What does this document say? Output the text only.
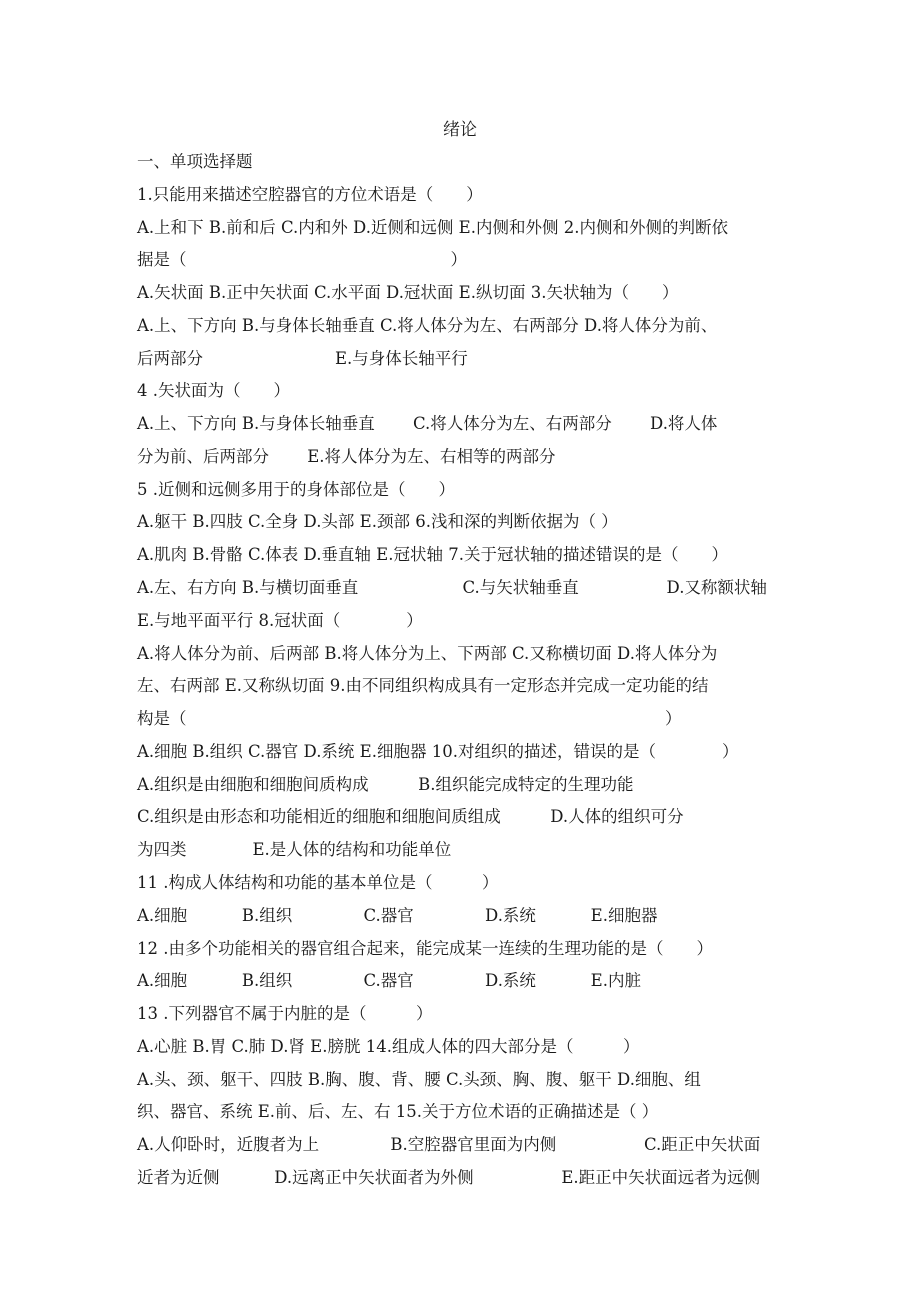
绪论
一、单项选择题
1.只能用来描述空腔器官的方位术语是（　　）
A.上和下 B.前和后 C.内和外 D.近侧和远侧 E.内侧和外侧 2.内侧和外侧的判断依
据是（　　　　　　　　　　　　　　　　）
A.矢状面 B.正中矢状面 C.水平面 D.冠状面 E.纵切面 3.矢状轴为（　　）
A.上、下方向 B.与身体长轴垂直 C.将人体分为左、右两部分 D.将人体分为前、
后两部分　　　　　　　　E.与身体长轴平行
4 .矢状面为（　　）
A.上、下方向 B.与身体长轴垂直　　 C.将人体分为左、右两部分　　 D.将人体
分为前、后两部分　　 E.将人体分为左、右相等的两部分
5 .近侧和远侧多用于的身体部位是（　　）
A.躯干 B.四肢 C.全身 D.头部 E.颈部 6.浅和深的判断依据为（ ）
A.肌肉 B.骨骼 C.体表 D.垂直轴 E.冠状轴 7.关于冠状轴的描述错误的是（　　）
A.左、右方向 B.与横切面垂直　　　　　　 C.与矢状轴垂直　　　　　 D.又称额状轴
E.与地平面平行 8.冠状面（　　　　）
A.将人体分为前、后两部 B.将人体分为上、下两部 C.又称横切面 D.将人体分为
左、右两部 E.又称纵切面 9.由不同组织构成具有一定形态并完成一定功能的结
构是（　　　　　　　　　　　　　　　　　　　　　　　　　　　　　）
A.细胞 B.组织 C.器官 D.系统 E.细胞器 10.对组织的描述，错误的是（　　　　）
A.组织是由细胞和细胞间质构成　　　B.组织能完成特定的生理功能
C.组织是由形态和功能相近的细胞和细胞间质组成　　　D.人体的组织可分
为四类　　　　E.是人体的结构和功能单位
11 .构成人体结构和功能的基本单位是（　　　）
A.细胞　　　 B.组织　　　　 C.器官　　　　 D.系统　　　 E.细胞器
12 .由多个功能相关的器官组合起来，能完成某一连续的生理功能的是（　　）
A.细胞　　　 B.组织　　　　 C.器官　　　　 D.系统　　　 E.内脏
13 .下列器官不属于内脏的是（　　　）
A.心脏 B.胃 C.肺 D.肾 E.膀胱 14.组成人体的四大部分是（　　　）
A.头、颈、躯干、四肢 B.胸、腹、背、腰 C.头颈、胸、腹、躯干 D.细胞、组
织、器官、系统 E.前、后、左、右 15.关于方位术语的正确描述是（ ）
A.人仰卧时，近腹者为上　　　　 B.空腔器官里面为内侧　　　　　 C.距正中矢状面
近者为近侧　　　 D.远离正中矢状面者为外侧　　　　　 E.距正中矢状面远者为远侧
